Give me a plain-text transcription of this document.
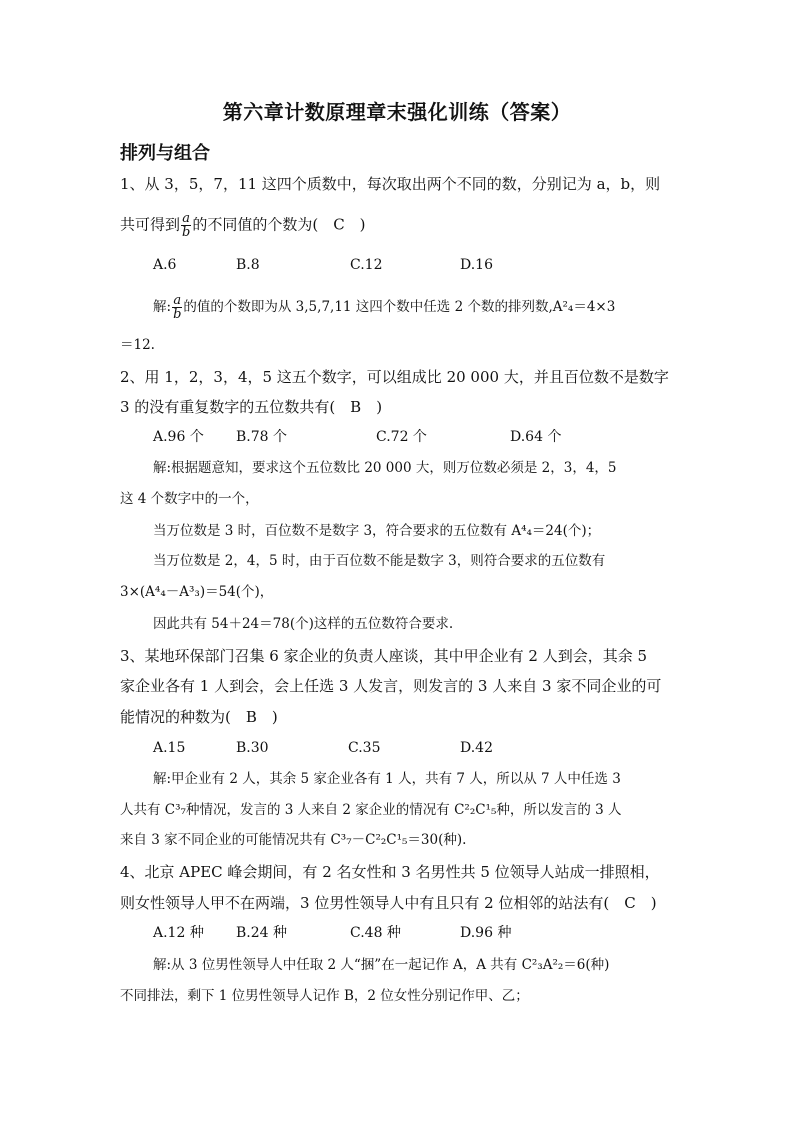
第六章计数原理章末强化训练（答案）
排列与组合
1、从 3，5，7，11 这四个质数中，每次取出两个不同的数，分别记为 a，b，则
共可得到 $\frac{a}{b}$ 的不同值的个数为(　C　)
A.6	B.8	C.12	D.16
解: $\frac{a}{b}$ 的值的个数即为从 3,5,7,11 这四个数中任选 2 个数的排列数,A²₄＝4×3
＝12.
2、用 1，2，3，4，5 这五个数字，可以组成比 20 000 大，并且百位数不是数字
3 的没有重复数字的五位数共有(　B　)
A.96 个 B.78 个	C.72 个	D.64 个
解:根据题意知，要求这个五位数比 20 000 大，则万位数必须是 2，3，4，5
这 4 个数字中的一个，
当万位数是 3 时，百位数不是数字 3，符合要求的五位数有 A⁴₄＝24(个)；
当万位数是 2，4，5 时，由于百位数不能是数字 3，则符合要求的五位数有
3×(A⁴₄－A³₃)＝54(个)，
因此共有 54＋24＝78(个)这样的五位数符合要求.
3、某地环保部门召集 6 家企业的负责人座谈，其中甲企业有 2 人到会，其余 5
家企业各有 1 人到会，会上任选 3 人发言，则发言的 3 人来自 3 家不同企业的可
能情况的种数为(　B　)
A.15	B.30	C.35	D.42
解:甲企业有 2 人，其余 5 家企业各有 1 人，共有 7 人，所以从 7 人中任选 3
人共有 C³₇种情况，发言的 3 人来自 2 家企业的情况有 C²₂C¹₅种，所以发言的 3 人
来自 3 家不同企业的可能情况共有 C³₇－C²₂C¹₅＝30(种).
4、北京 APEC 峰会期间，有 2 名女性和 3 名男性共 5 位领导人站成一排照相，
则女性领导人甲不在两端，3 位男性领导人中有且只有 2 位相邻的站法有(　C　)
A.12 种 B.24 种	C.48 种	D.96 种
解:从 3 位男性领导人中任取 2 人“捆”在一起记作 A，A 共有 C²₃A²₂＝6(种)
不同排法，剩下 1 位男性领导人记作 B，2 位女性分别记作甲、乙；
